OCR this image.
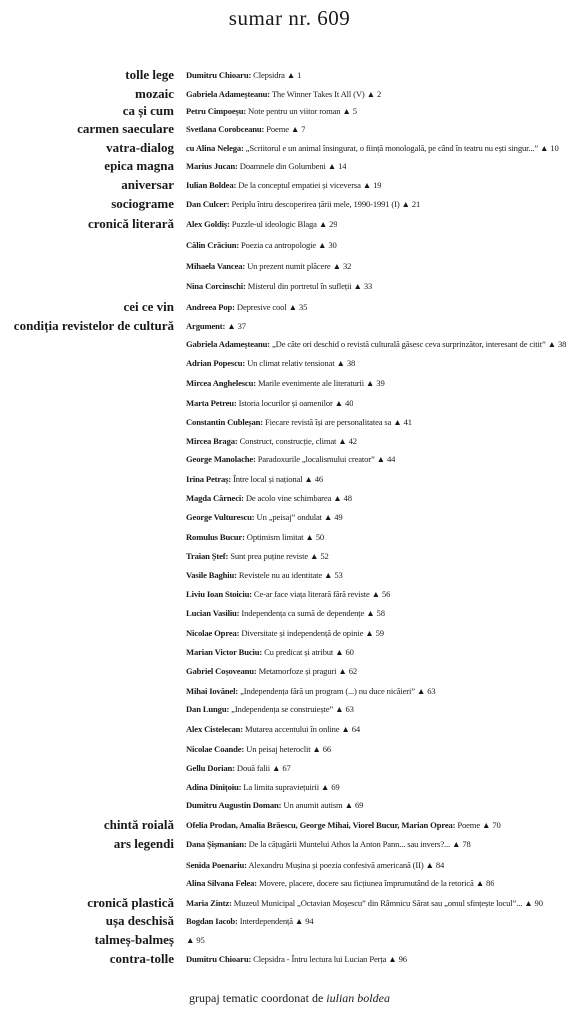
sumar nr. 609
tolle lege Dumitru Chioaru: Clepsidra ▲ 1
mozaic Gabriela Adameșteanu: The Winner Takes It All (V) ▲ 2
ca și cum Petru Cimpoeșu: Note pentru un viitor roman ▲ 5
carmen saeculare Svetlana Corobceanu: Poeme ▲ 7
vatra-dialog cu Alina Nelega: „Scriitorul e un animal însingurat, o ființă monologală, pe când în teatru nu ești singur...” ▲ 10
epica magna Marius Jucan: Doamnele din Golumbeni ▲ 14
aniversar Iulian Boldea: De la conceptul empatiei și viceversa ▲ 19
sociograme Dan Culcer: Periplu întru descoperirea țării mele, 1990-1991 (I) ▲ 21
cronică literară Alex Goldiș: Puzzle-ul ideologic Blaga ▲ 29
Călin Crăciun: Poezia ca antropologie ▲ 30
Mihaela Vancea: Un prezent numit plăcere ▲ 32
Nina Corcinschi: Misterul din portretul în sufleții ▲ 33
cei ce vin Andreea Pop: Depresive cool ▲ 35
condiția revistelor de cultură Argument: ▲ 37
Gabriela Adameșteanu: „De câte ori deschid o revistă culturală găsesc ceva surprinzător, interesant de citit” ▲ 38
Adrian Popescu: Un climat relativ tensionat ▲ 38
Mircea Anghelescu: Marile evenimente ale literaturii ▲ 39
Marta Petreu: Istoria locurilor și oamenilor ▲ 40
Constantin Cubleșan: Fiecare revistă își are personalitatea sa ▲ 41
Mircea Braga: Construct, construcție, climat ▲ 42
George Manolache: Paradoxurile „localismului creator” ▲ 44
Irina Petraș: Între local și național ▲ 46
Magda Cârneci: De acolo vine schimbarea ▲ 48
George Vulturescu: Un „peisaj” ondulat ▲ 49
Romulus Bucur: Optimism limitat ▲ 50
Traian Ștef: Sunt prea puține reviste ▲ 52
Vasile Baghiu: Revistele nu au identitate ▲ 53
Liviu Ioan Stoiciu: Ce-ar face viața literară fără reviste ▲ 56
Lucian Vasiliu: Independența ca sumă de dependențe ▲ 58
Nicolae Oprea: Diversitate și independență de opinie ▲ 59
Marian Victor Buciu: Cu predicat și atribut ▲ 60
Gabriel Coșoveanu: Metamorfoze și praguri ▲ 62
Mihai Iovănel: „Independența fără un program (...) nu duce nicăieri” ▲ 63
Dan Lungu: „Independența se construiește” ▲ 63
Alex Cistelecan: Mutarea accentului în online ▲ 64
Nicolae Coande: Un peisaj heteroclit ▲ 66
Gellu Dorian: Două falii ▲ 67
Adina Dinițoiu: La limita supraviețuirii ▲ 69
Dumitru Augustin Doman: Un anumit autism ▲ 69
chintă roială Ofelia Prodan, Amalia Brăescu, George Mihai, Viorel Bucur, Marian Oprea: Poeme ▲ 70
ars legendi Dana Șișmanian: De la cățugării Muntelui Athos la Anton Pann... sau invers?... ▲ 78
Senida Poenariu: Alexandru Mușina și poezia confesivă americană (II) ▲ 84
Alina Silvana Felea: Movere, placere, docere sau ficțiunea împrumutând de la retorică ▲ 86
cronică plastică Maria Zintz: Muzeul Municipal „Octavian Moșescu” din Râmnicu Sărat sau „omul sfințește locul”... ▲ 90
ușa deschisă Bogdan Iacob: Interdependență ▲ 94
talmeș-balmeș ▲ 95
contra-tolle Dumitru Chioaru: Clepsidra - Întru lectura lui Lucian Perța ▲ 96
grupaj tematic coordonat de iulian boldea
